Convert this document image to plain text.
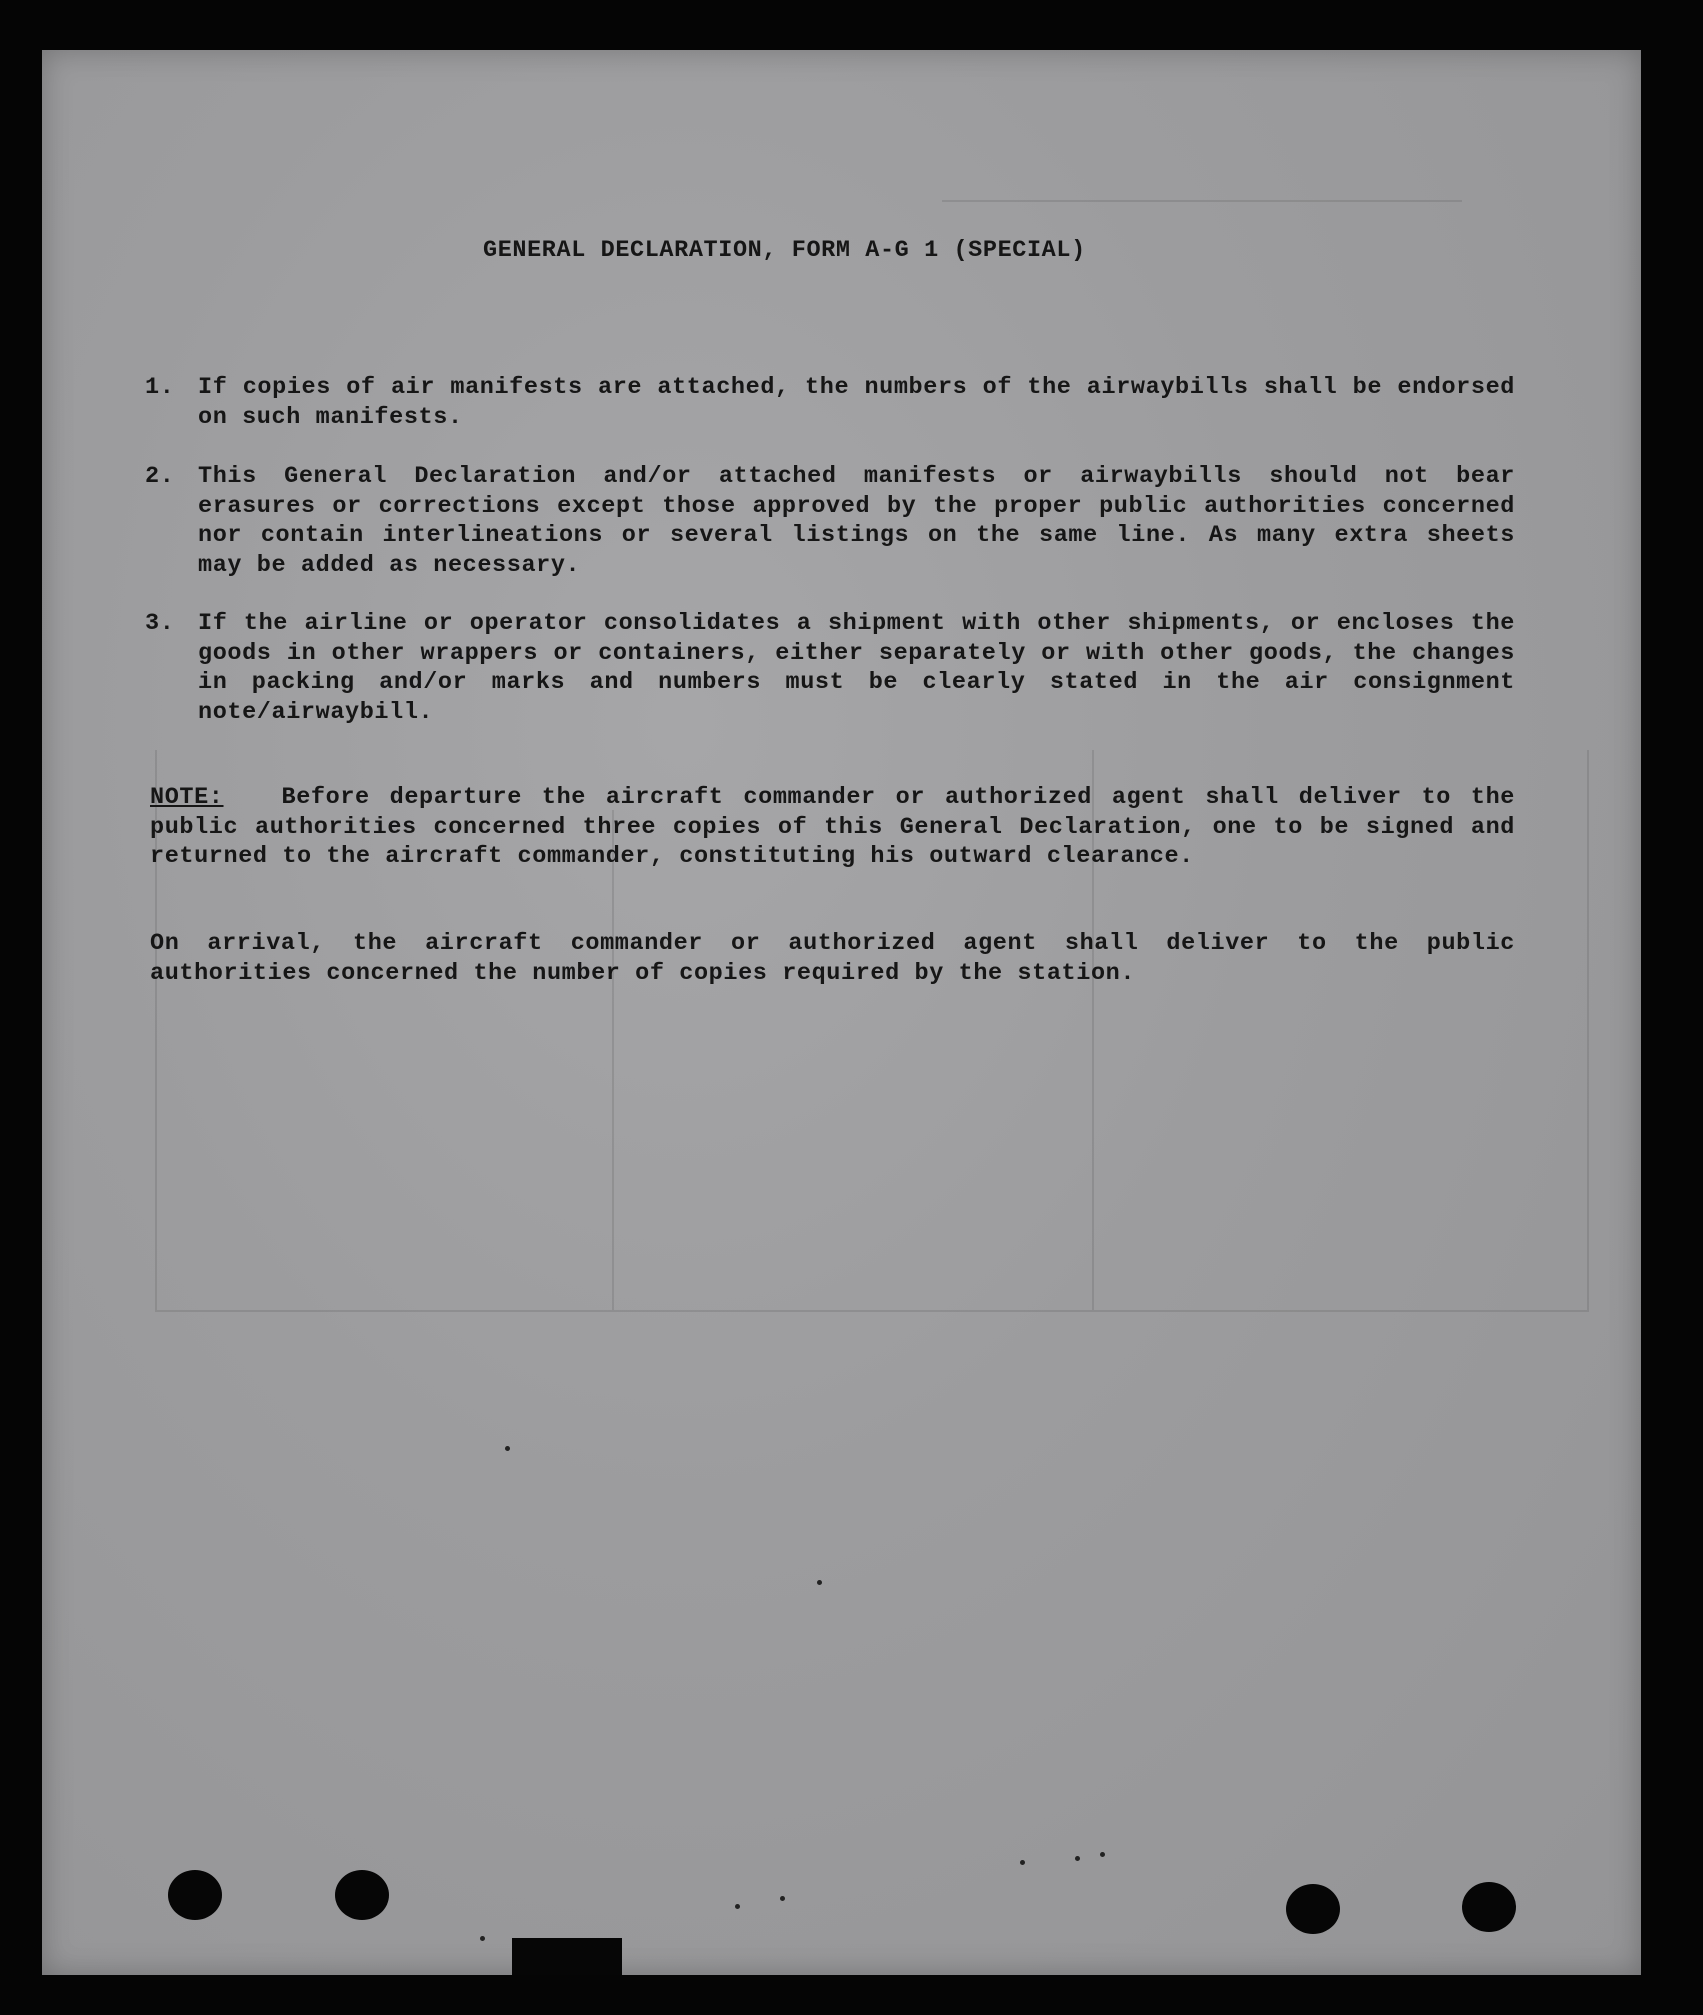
GENERAL DECLARATION, FORM A-G 1 (SPECIAL)
1.	If copies of air manifests are attached, the numbers of the airwaybills shall be endorsed on such manifests.
2.	This General Declaration and/or attached manifests or airwaybills should not bear erasures or corrections except those approved by the proper public authorities concerned nor contain interlineations or several listings on the same line. As many extra sheets may be added as necessary.
3.	If the airline or operator consolidates a shipment with other shipments, or encloses the goods in other wrappers or containers, either separately or with other goods, the changes in packing and/or marks and numbers must be clearly stated in the air consignment note/airwaybill.
NOTE: Before departure the aircraft commander or authorized agent shall deliver to the public authorities concerned three copies of this General Declaration, one to be signed and returned to the aircraft commander, constituting his outward clearance.
On arrival, the aircraft commander or authorized agent shall deliver to the public authorities concerned the number of copies required by the station.
